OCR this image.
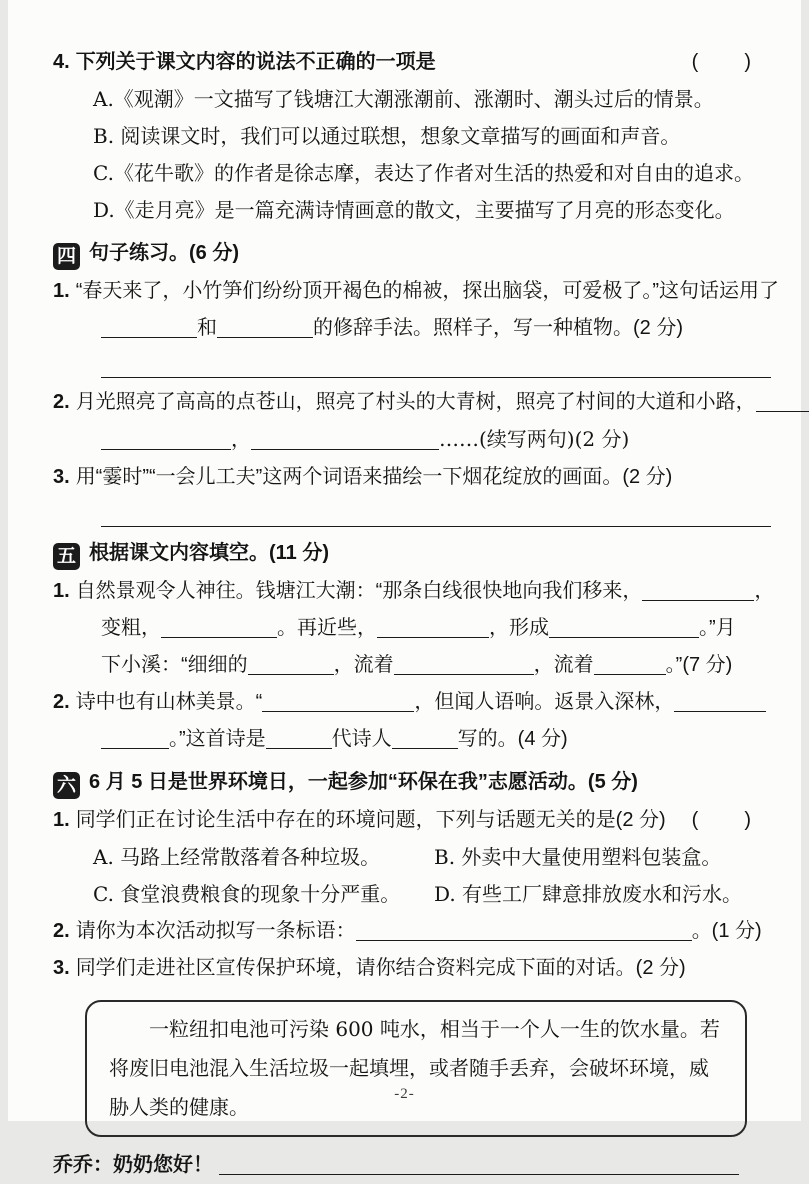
(　　)
4. 下列关于课文内容的说法不正确的一项是
A.《观潮》一文描写了钱塘江大潮涨潮前、涨潮时、潮头过后的情景。
B. 阅读课文时，我们可以通过联想，想象文章描写的画面和声音。
C.《花牛歌》的作者是徐志摩，表达了作者对生活的热爱和对自由的追求。
D.《走月亮》是一篇充满诗情画意的散文，主要描写了月亮的形态变化。
四 句子练习。(6 分)
1. “春天来了，小竹笋们纷纷顶开褐色的棉被，探出脑袋，可爱极了。”这句话运用了
和	的修辞手法。照样子，写一种植物。(2 分)
2. 月光照亮了高高的点苍山，照亮了村头的大青树，照亮了村间的大道和小路，
，	……(续写两句)(2 分)
3. 用“霎时”“一会儿工夫”这两个词语来描绘一下烟花绽放的画面。(2 分)
五 根据课文内容填空。(11 分)
1. 自然景观令人神往。钱塘江大潮：“那条白线很快地向我们移来，	，
变粗，	。再近些，	，形成	。”月
下小溪：“细细的	，流着	，流着	。”(7 分)
2. 诗中也有山林美景。“	，但闻人语响。返景入深林，
。”这首诗是	代诗人	写的。(4 分)
六 6 月 5 日是世界环境日，一起参加“环保在我”志愿活动。(5 分)
(　　)
1. 同学们正在讨论生活中存在的环境问题，下列与话题无关的是(2 分)
A. 马路上经常散落着各种垃圾。	B. 外卖中大量使用塑料包装盒。
C. 食堂浪费粮食的现象十分严重。	D. 有些工厂肆意排放废水和污水。
2. 请你为本次活动拟写一条标语：	。(1 分)
3. 同学们走进社区宣传保护环境，请你结合资料完成下面的对话。(2 分)

一粒纽扣电池可污染 600 吨水，相当于一个人一生的饮水量。若将废旧电池混入生活垃圾一起填埋，或者随手丢弃，会破坏环境，威胁人类的健康。

乔乔：奶奶您好！
-2-
